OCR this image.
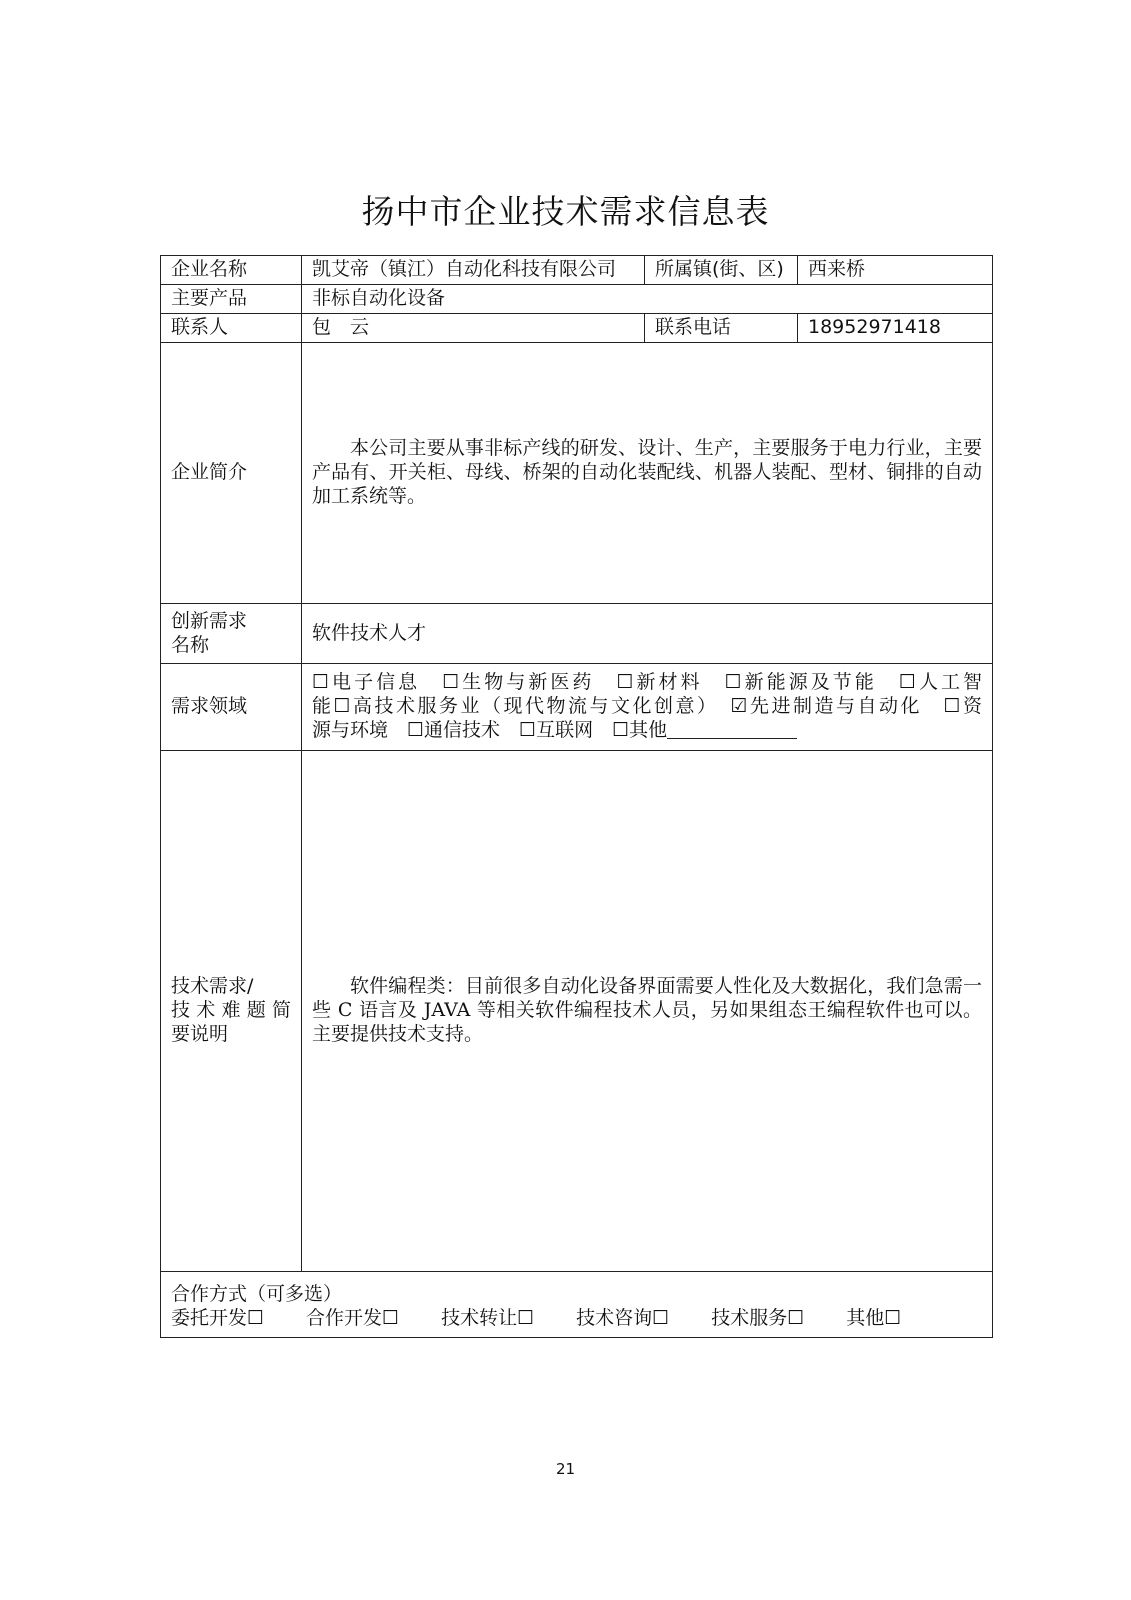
扬中市企业技术需求信息表
企业名称	凯艾帝（镇江）自动化科技有限公司	所属镇(街、区)	西来桥
主要产品	非标自动化设备		
联系人	包　云	联系电话	18952971418
企业简介	本公司主要从事非标产线的研发、设计、生产，主要服务于电力行业，主要产品有、开关柜、母线、桥架的自动化装配线、机器人装配、型材、铜排的自动加工系统等。		

创新需求
名称	软件技术人才		
需求领域	☐电子信息　☐生物与新医药　☐新材料　☐新能源及节能　☐人工智
能☐高技术服务业（现代物流与文化创意）　☑先进制造与自动化　☐资
源与环境　☐通信技术　☐互联网　☐其他		

技术需求/
技术难题简
要说明	软件编程类：目前很多自动化设备界面需要人性化及大数据化，我们急需一些 C 语言及 JAVA 等相关软件编程技术人员，另如果组态王编程软件也可以。主要提供技术支持。		

合作方式（可多选）
委托开发☐ 合作开发☐ 技术转让☐ 技术咨询☐ 技术服务☐ 其他☐			
21
